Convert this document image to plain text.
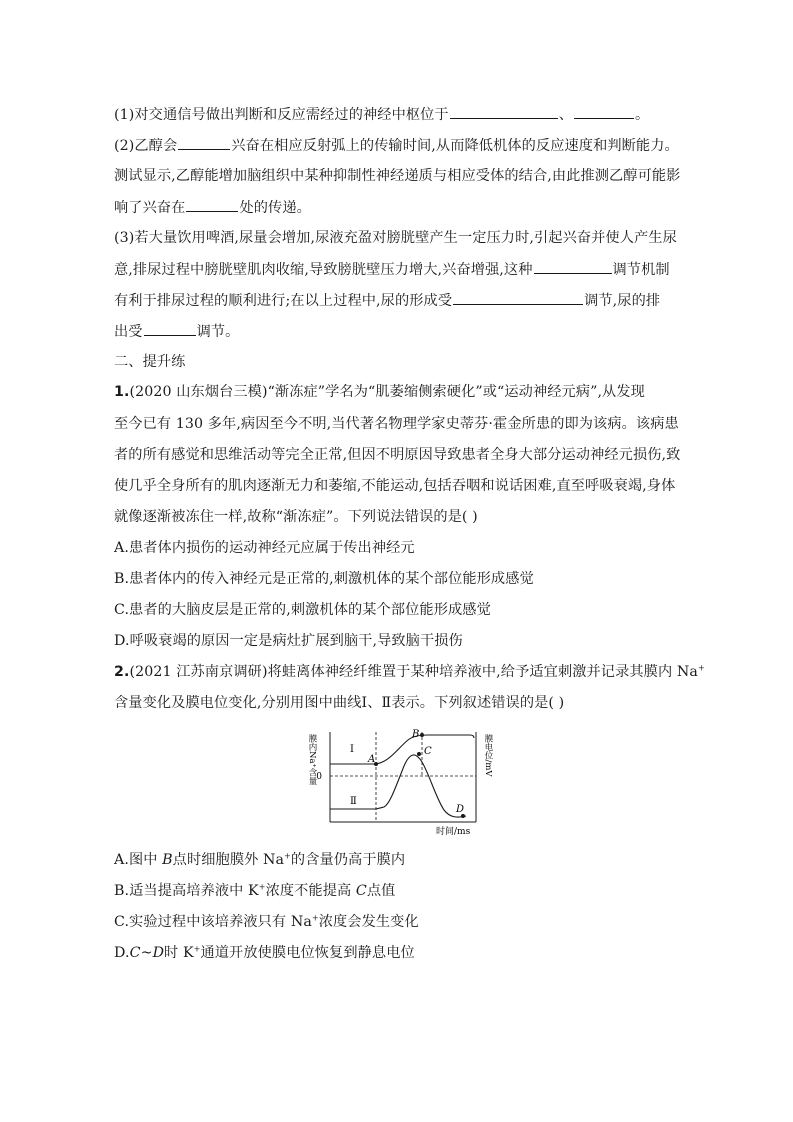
(1)对交通信号做出判断和反应需经过的神经中枢位于	、	。
(2)乙醇会	兴奋在相应反射弧上的传输时间,从而降低机体的反应速度和判断能力。
测试显示,乙醇能增加脑组织中某种抑制性神经递质与相应受体的结合,由此推测乙醇可能影
响了兴奋在	处的传递。
(3)若大量饮用啤酒,尿量会增加,尿液充盈对膀胱壁产生一定压力时,引起兴奋并使人产生尿
意,排尿过程中膀胱壁肌肉收缩,导致膀胱壁压力增大,兴奋增强,这种	调节机制
有利于排尿过程的顺利进行;在以上过程中,尿的形成受	调节,尿的排
出受	调节。
二、提升练
1.(2020 山东烟台三模)“渐冻症”学名为“肌萎缩侧索硬化”或“运动神经元病”,从发现
至今已有 130 多年,病因至今不明,当代著名物理学家史蒂芬·霍金所患的即为该病。该病患
者的所有感觉和思维活动等完全正常,但因不明原因导致患者全身大部分运动神经元损伤,致
使几乎全身所有的肌肉逐渐无力和萎缩,不能运动,包括吞咽和说话困难,直至呼吸衰竭,身体
就像逐渐被冻住一样,故称“渐冻症”。下列说法错误的是( )
A.患者体内损伤的运动神经元应属于传出神经元
B.患者体内的传入神经元是正常的,刺激机体的某个部位能形成感觉
C.患者的大脑皮层是正常的,刺激机体的某个部位能形成感觉
D.呼吸衰竭的原因一定是病灶扩展到脑干,导致脑干损伤
2.(2021 江苏南京调研)将蛙离体神经纤维置于某种培养液中,给予适宜刺激并记录其膜内 Na+
含量变化及膜电位变化,分别用图中曲线Ⅰ、Ⅱ表示。下列叙述错误的是( )
A
B
C
D
Ⅰ
Ⅱ
0
时间/ms
膜内Na⁺含量	膜电位/mV
A.图中 B点时细胞膜外 Na+的含量仍高于膜内
B.适当提高培养液中 K+浓度不能提高 C点值
C.实验过程中该培养液只有 Na+浓度会发生变化
D.C~D时 K+通道开放使膜电位恢复到静息电位
